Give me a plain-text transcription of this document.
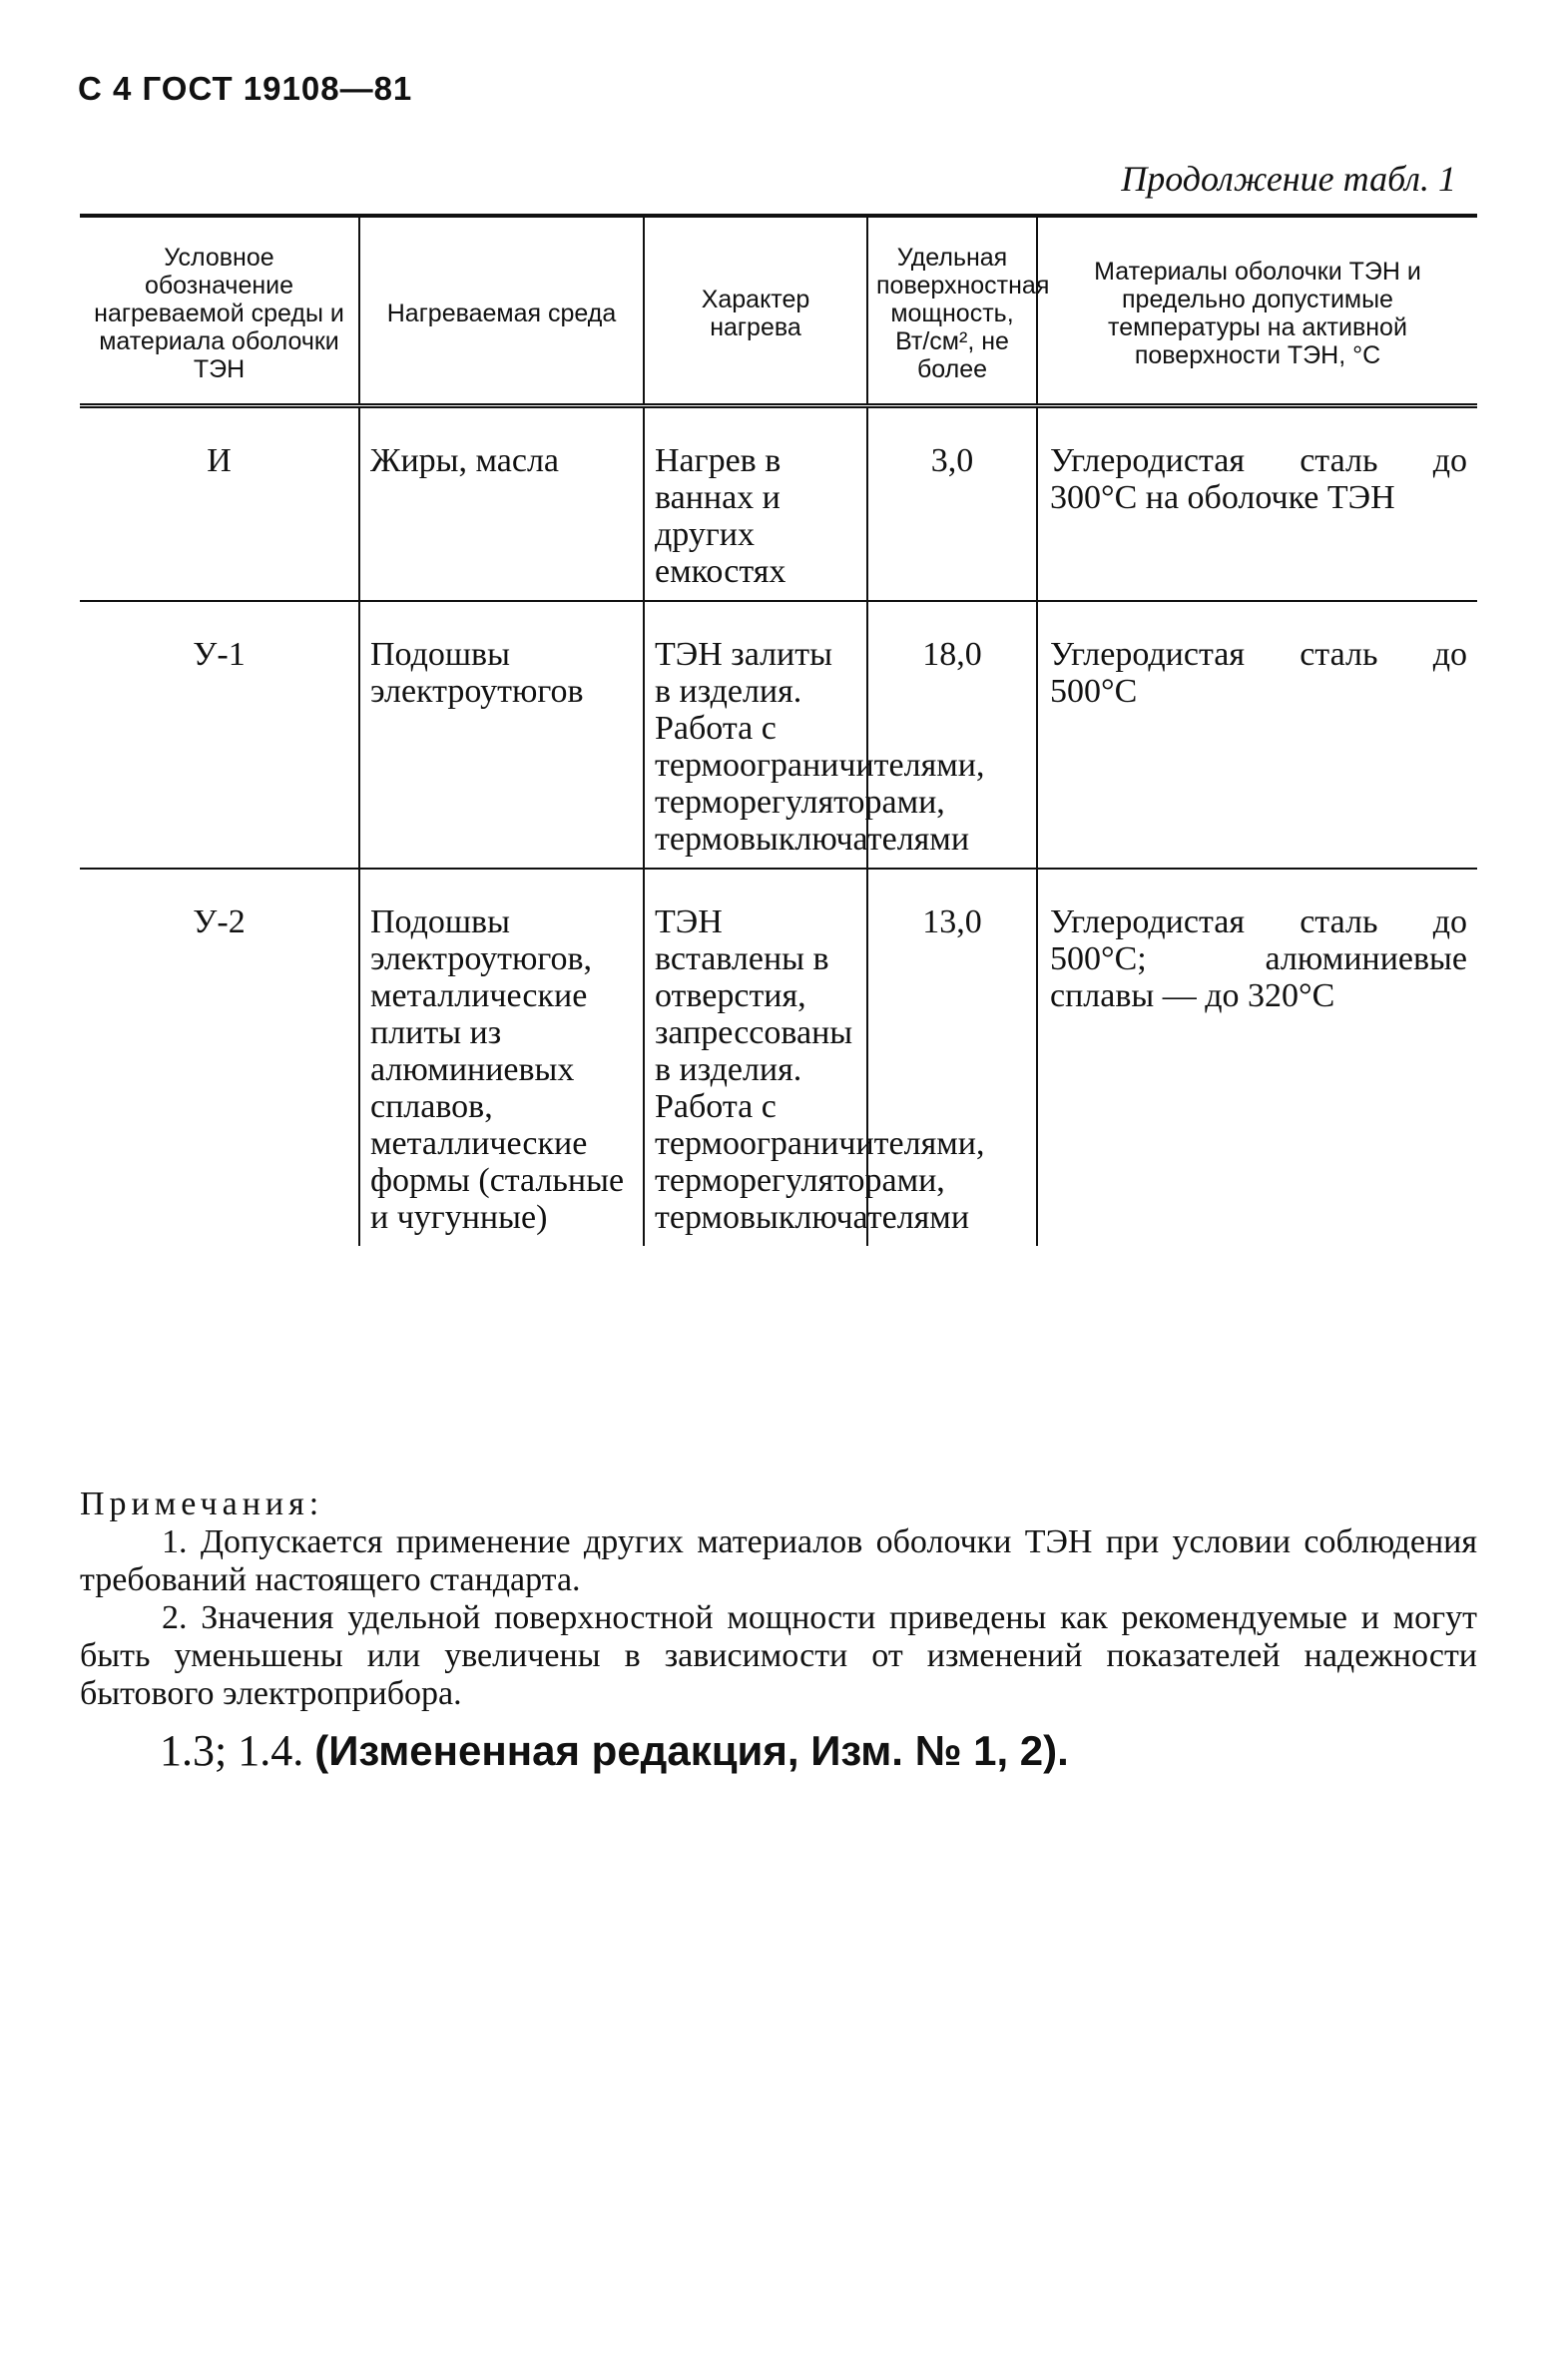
С 4 ГОСТ 19108—81
Продолжение табл. 1
Условное обозначение нагреваемой среды и материала оболочки ТЭН	Нагреваемая среда	Характер нагрева	Удельная поверхностная мощность, Вт/см², не более	Материалы оболочки ТЭН и предельно допустимые температуры на активной поверхности ТЭН, °С
И	Жиры, масла	Нагрев в ваннах и других емкостях	3,0	Углеродистая сталь до 300°С на оболочке ТЭН
У-1	Подошвы электроутюгов	ТЭН залиты в изделия. Работа с термоограничителями, терморегуляторами, термовыключателями	18,0	Углеродистая сталь до 500°С
У-2	Подошвы электроутюгов, металлические плиты из алюминиевых сплавов, металлические формы (стальные и чугунные)	ТЭН вставлены в отверстия, запрессованы в изделия. Работа с термоограничителями, терморегуляторами, термовыключателями	13,0	Углеродистая сталь до 500°С; алюминиевые сплавы — до 320°С
Примечания:

1. Допускается применение других материалов оболочки ТЭН при условии соблюдения требований настоящего стандарта.

2. Значения удельной поверхностной мощности приведены как рекомендуемые и могут быть уменьшены или увеличены в зависимости от изменений показателей надежности бытового электроприбора.

1.3; 1.4. (Измененная редакция, Изм. № 1, 2).
